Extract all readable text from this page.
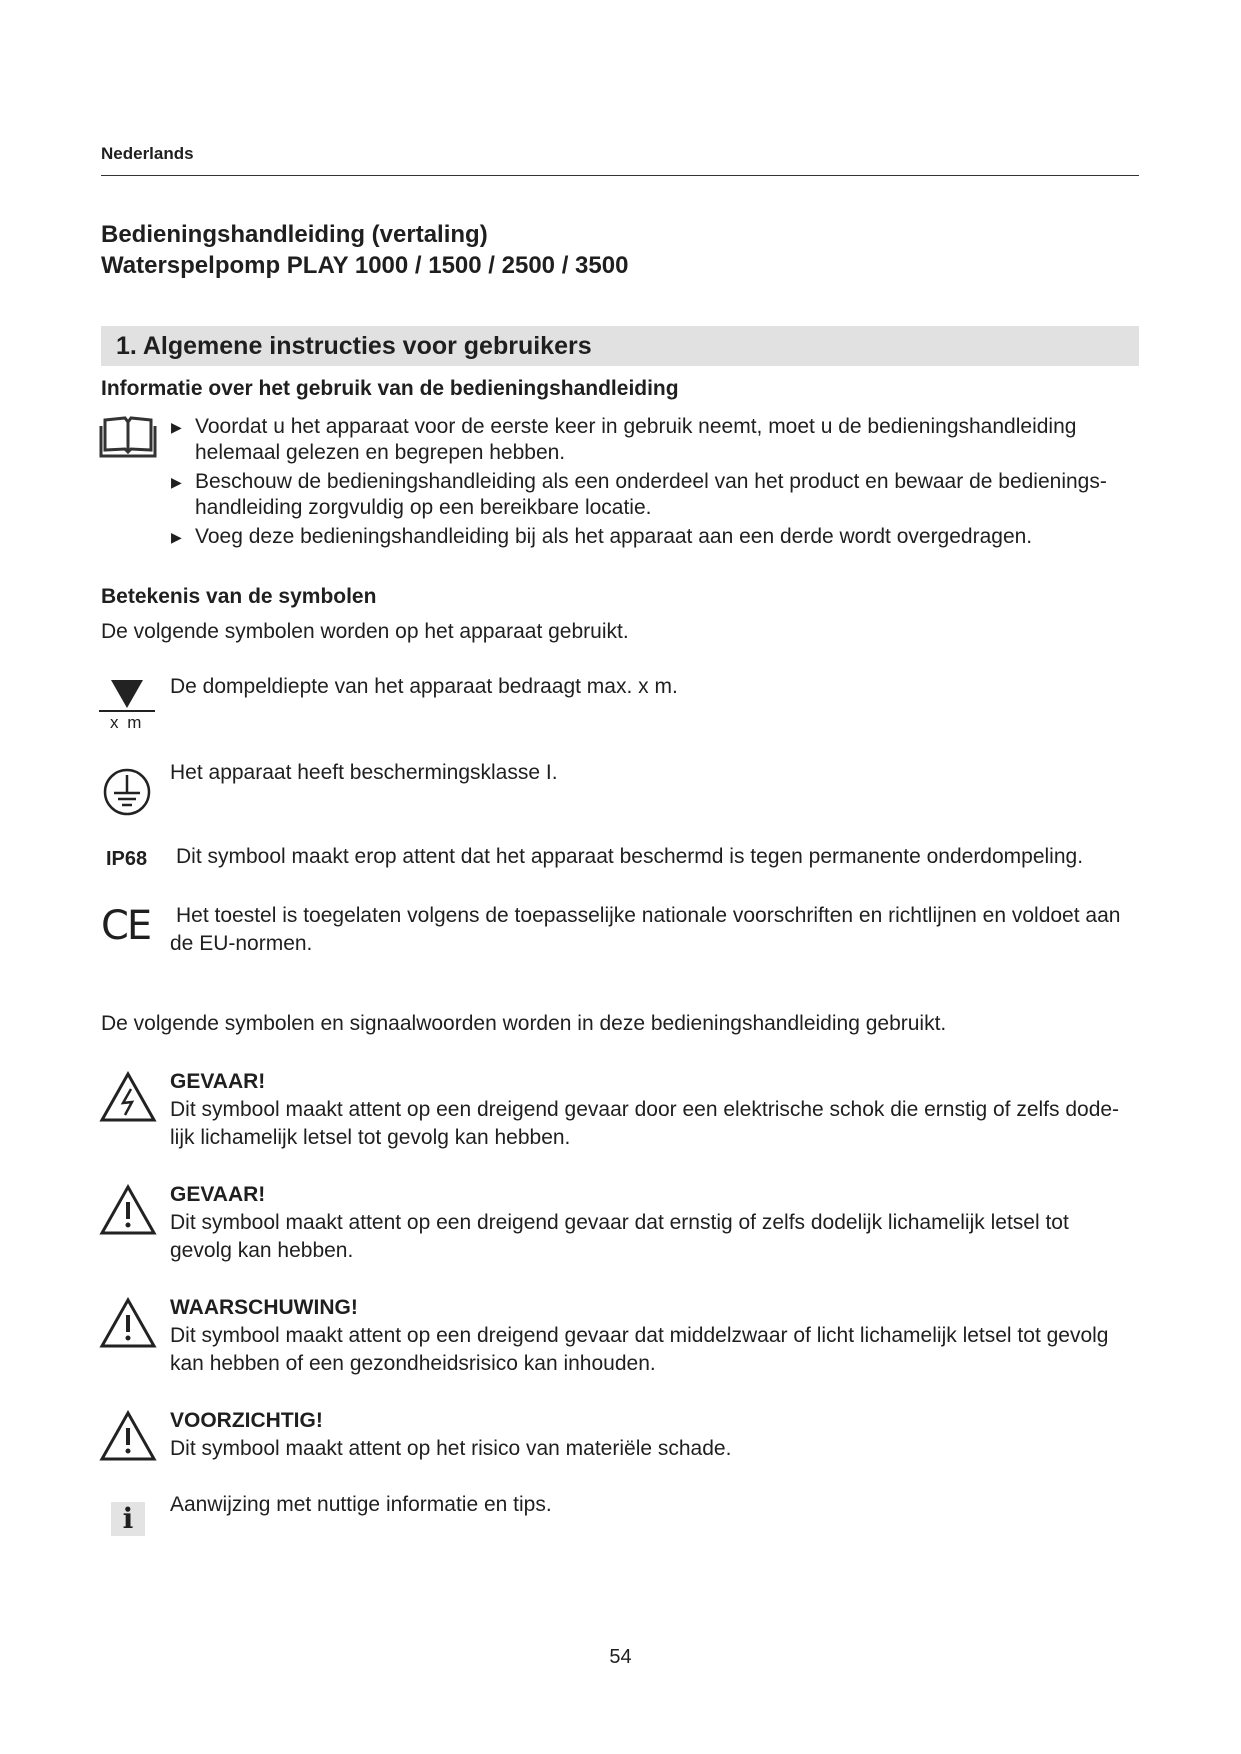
Nederlands
Bedieningshandleiding (vertaling)
Waterspelpomp PLAY 1000 / 1500 / 2500 / 3500
1. Algemene instructies voor gebruikers
Informatie over het gebruik van de bedieningshandleiding
▶ Voordat u het apparaat voor de eerste keer in gebruik neemt, moet u de bedieningshandleiding
helemaal gelezen en begrepen hebben.
▶ Beschouw de bedieningshandleiding als een onderdeel van het product en bewaar de bedienings-
handleiding zorgvuldig op een bereikbare locatie.
▶ Voeg deze bedieningshandleiding bij als het apparaat aan een derde wordt overgedragen.
Betekenis van de symbolen
De volgende symbolen worden op het apparaat gebruikt.
x m
De dompeldiepte van het apparaat bedraagt max. x m.
Het apparaat heeft beschermingsklasse I.
IP68 Dit symbool maakt erop attent dat het apparaat beschermd is tegen permanente onderdompeling.
CE Het toestel is toegelaten volgens de toepasselijke nationale voorschriften en richtlijnen en voldoet aan
de EU-normen.
De volgende symbolen en signaalwoorden worden in deze bedieningshandleiding gebruikt.
GEVAAR!
Dit symbool maakt attent op een dreigend gevaar door een elektrische schok die ernstig of zelfs dode-
lijk lichamelijk letsel tot gevolg kan hebben.
GEVAAR!
Dit symbool maakt attent op een dreigend gevaar dat ernstig of zelfs dodelijk lichamelijk letsel tot
gevolg kan hebben.
WAARSCHUWING!
Dit symbool maakt attent op een dreigend gevaar dat middelzwaar of licht lichamelijk letsel tot gevolg
kan hebben of een gezondheidsrisico kan inhouden.
VOORZICHTIG!
Dit symbool maakt attent op het risico van materiële schade.
i	Aanwijzing met nuttige informatie en tips.
54
